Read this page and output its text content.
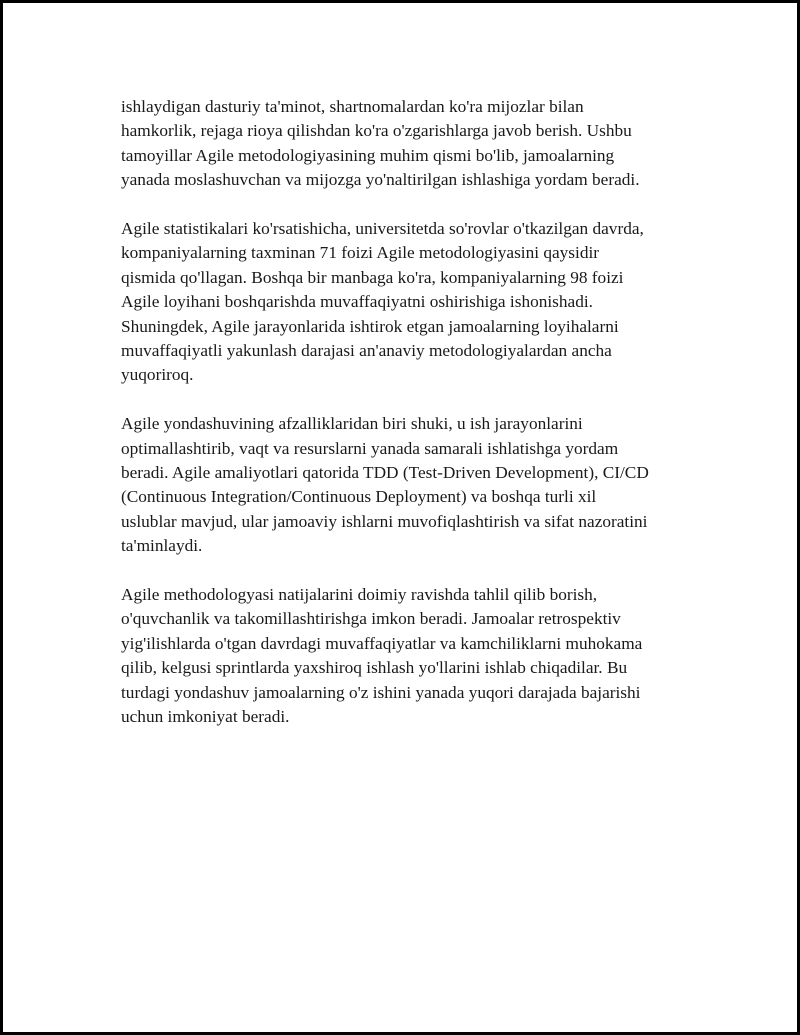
ishlaydigan dasturiy ta'minot, shartnomalardan ko'ra mijozlar bilan
hamkorlik, rejaga rioya qilishdan ko'ra o'zgarishlarga javob berish. Ushbu
tamoyillar Agile metodologiyasining muhim qismi bo'lib, jamoalarning
yanada moslashuvchan va mijozga yo'naltirilgan ishlashiga yordam beradi.

Agile statistikalari ko'rsatishicha, universitetda so'rovlar o'tkazilgan davrda,
kompaniyalarning taxminan 71 foizi Agile metodologiyasini qaysidir
qismida qo'llagan. Boshqa bir manbaga ko'ra, kompaniyalarning 98 foizi
Agile loyihani boshqarishda muvaffaqiyatni oshirishiga ishonishadi.
Shuningdek, Agile jarayonlarida ishtirok etgan jamoalarning loyihalarni
muvaffaqiyatli yakunlash darajasi an'anaviy metodologiyalardan ancha
yuqoriroq.

Agile yondashuvining afzalliklaridan biri shuki, u ish jarayonlarini
optimallashtirib, vaqt va resurslarni yanada samarali ishlatishga yordam
beradi. Agile amaliyotlari qatorida TDD (Test-Driven Development), CI/CD
(Continuous Integration/Continuous Deployment) va boshqa turli xil
uslublar mavjud, ular jamoaviy ishlarni muvofiqlashtirish va sifat nazoratini
ta'minlaydi.

Agile methodologyasi natijalarini doimiy ravishda tahlil qilib borish,
o'quvchanlik va takomillashtirishga imkon beradi. Jamoalar retrospektiv
yig'ilishlarda o'tgan davrdagi muvaffaqiyatlar va kamchiliklarni muhokama
qilib, kelgusi sprintlarda yaxshiroq ishlash yo'llarini ishlab chiqadilar. Bu
turdagi yondashuv jamoalarning o'z ishini yanada yuqori darajada bajarishi
uchun imkoniyat beradi.
